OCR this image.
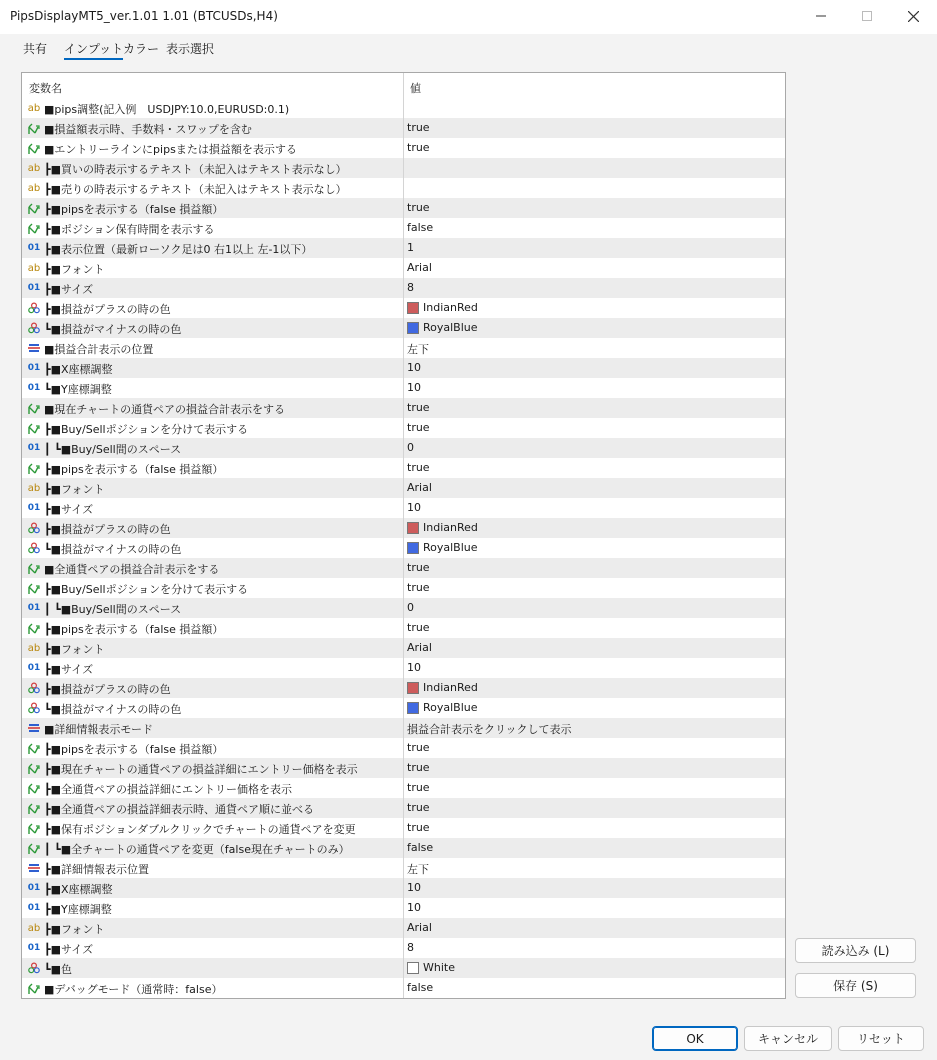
PipsDisplayMT5_ver.1.01 1.01 (BTCUSDs,H4)
共有 インプット カラー 表示選択
変数名	値
ab ■pips調整(記入例　USDJPY:10.0,EURUSD:0.1)
■損益額表示時、手数料・スワップを含む	true
■エントリーラインにpipsまたは損益額を表示する	true
ab ┣■買いの時表示するテキスト（未記入はテキスト表示なし）
ab ┣■売りの時表示するテキスト（未記入はテキスト表示なし）
┣■pipsを表示する（false 損益額）	true
┣■ポジション保有時間を表示する	false
01 ┣■表示位置（最新ローソク足は0 右1以上 左-1以下）	1
ab ┣■フォント	Arial
01 ┣■サイズ	8
┣■損益がプラスの時の色	IndianRed
┗■損益がマイナスの時の色	RoyalBlue
■損益合計表示の位置	左下
01 ┣■X座標調整	10
01 ┗■Y座標調整	10
■現在チャートの通貨ペアの損益合計表示をする	true
┣■Buy/Sellポジションを分けて表示する	true
01 ┃ ┗■Buy/Sell間のスペース	0
┣■pipsを表示する（false 損益額）	true
ab ┣■フォント	Arial
01 ┣■サイズ	10
┣■損益がプラスの時の色	IndianRed
┗■損益がマイナスの時の色	RoyalBlue
■全通貨ペアの損益合計表示をする	true
┣■Buy/Sellポジションを分けて表示する	true
01 ┃ ┗■Buy/Sell間のスペース	0
┣■pipsを表示する（false 損益額）	true
ab ┣■フォント	Arial
01 ┣■サイズ	10
┣■損益がプラスの時の色	IndianRed
┗■損益がマイナスの時の色	RoyalBlue
■詳細情報表示モード	損益合計表示をクリックして表示
┣■pipsを表示する（false 損益額）	true
┣■現在チャートの通貨ペアの損益詳細にエントリー価格を表示	true
┣■全通貨ペアの損益詳細にエントリー価格を表示	true
┣■全通貨ペアの損益詳細表示時、通貨ペア順に並べる	true
┣■保有ポジションダブルクリックでチャートの通貨ペアを変更	true
┃ ┗■全チャートの通貨ペアを変更（false現在チャートのみ）	false
┣■詳細情報表示位置	左下
01 ┣■X座標調整	10
01 ┣■Y座標調整	10
ab ┣■フォント	Arial
01 ┣■サイズ	8
┗■色	White
■デバッグモード（通常時：false）	false
読み込み (L)
保存 (S)
OK	キャンセル	リセット
